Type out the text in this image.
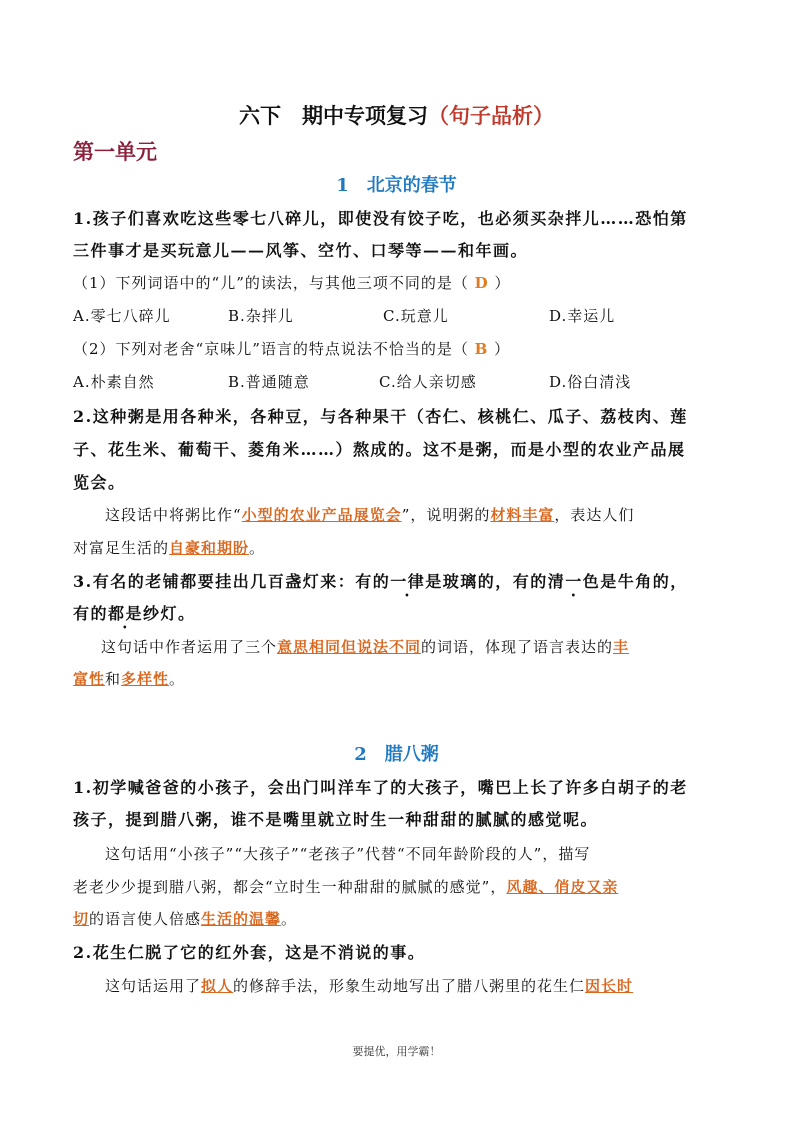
六下　期中专项复习（句子品析）
第一单元
1　北京的春节
1.孩子们喜欢吃这些零七八碎儿，即使没有饺子吃，也必须买杂拌儿……恐怕第
三件事才是买玩意儿——风筝、空竹、口琴等——和年画。
（1）下列词语中的“儿”的读法，与其他三项不同的是（ D ）
A.零七八碎儿	B.杂拌儿	C.玩意儿	D.幸运儿
（2）下列对老舍“京味儿”语言的特点说法不恰当的是（ B ）
A.朴素自然	B.普通随意	C.给人亲切感	D.俗白清浅
2.这种粥是用各种米，各种豆，与各种果干（杏仁、核桃仁、瓜子、荔枝肉、莲
子、花生米、葡萄干、菱角米……）熬成的。这不是粥，而是小型的农业产品展
览会。
这段话中将粥比作“小型的农业产品展览会”，说明粥的材料丰富，表达人们
对富足生活的自豪和期盼。
3.有名的老铺都要挂出几百盏灯来：有的一律是玻璃的，有的清一色是牛角的，
有的都是纱灯。
这句话中作者运用了三个意思相同但说法不同的词语，体现了语言表达的丰
富性和多样性。
2　腊八粥
1.初学喊爸爸的小孩子，会出门叫洋车了的大孩子，嘴巴上长了许多白胡子的老
孩子，提到腊八粥，谁不是嘴里就立时生一种甜甜的腻腻的感觉呢。
这句话用“小孩子”“大孩子”“老孩子”代替“不同年龄阶段的人”，描写
老老少少提到腊八粥，都会“立时生一种甜甜的腻腻的感觉”，风趣、俏皮又亲
切的语言使人倍感生活的温馨。
2.花生仁脱了它的红外套，这是不消说的事。
这句话运用了拟人的修辞手法，形象生动地写出了腊八粥里的花生仁因长时
要提优，用学霸！
